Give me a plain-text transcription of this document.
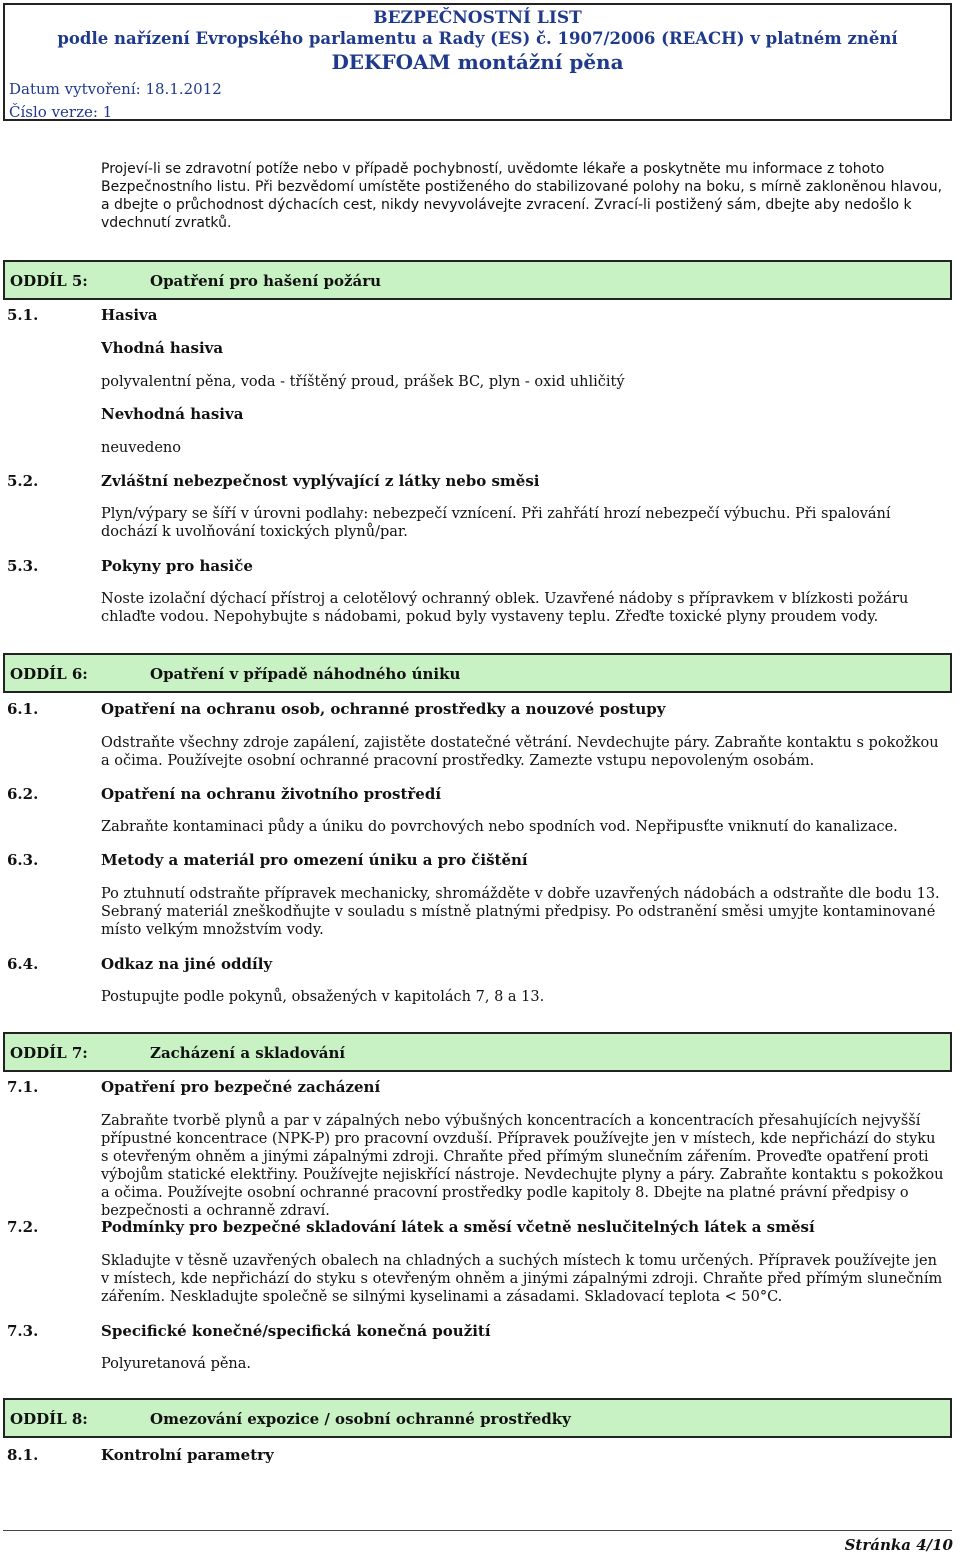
BEZPEČNOSTNÍ LIST
podle nařízení Evropského parlamentu a Rady (ES) č. 1907/2006 (REACH) v platném znění
DEKFOAM montážní pěna
Datum vytvoření: 18.1.2012
Číslo verze: 1

Projeví-li se zdravotní potíže nebo v případě pochybností, uvědomte lékaře a poskytněte mu informace z tohoto Bezpečnostního listu. Při bezvědomí umístěte postiženého do stabilizované polohy na boku, s mírně zakloněnou hlavou, a dbejte o průchodnost dýchacích cest, nikdy nevyvolávejte zvracení. Zvrací-li postižený sám, dbejte aby nedošlo k vdechnutí zvratků.

ODDÍL 5:	Opatření pro hašení požáru
5.1.	Hasiva
Vhodná hasiva

polyvalentní pěna, voda - tříštěný proud, prášek BC, plyn - oxid uhličitý

Nevhodná hasiva

neuvedeno

5.2.	Zvláštní nebezpečnost vyplývající z látky nebo směsi

Plyn/výpary se šíří v úrovni podlahy: nebezpečí vznícení. Při zahřátí hrozí nebezpečí výbuchu. Při spalování dochází k uvolňování toxických plynů/par.

5.3.	Pokyny pro hasiče

Noste izolační dýchací přístroj a celotělový ochranný oblek. Uzavřené nádoby s přípravkem v blízkosti požáru chlaďte vodou. Nepohybujte s nádobami, pokud byly vystaveny teplu. Zřeďte toxické plyny proudem vody.

ODDÍL 6:	Opatření v případě náhodného úniku
6.1.	Opatření na ochranu osob, ochranné prostředky a nouzové postupy

Odstraňte všechny zdroje zapálení, zajistěte dostatečné větrání. Nevdechujte páry. Zabraňte kontaktu s pokožkou a očima. Používejte osobní ochranné pracovní prostředky. Zamezte vstupu nepovoleným osobám.

6.2.	Opatření na ochranu životního prostředí

Zabraňte kontaminaci půdy a úniku do povrchových nebo spodních vod. Nepřipusťte vniknutí do kanalizace.

6.3.	Metody a materiál pro omezení úniku a pro čištění

Po ztuhnutí odstraňte přípravek mechanicky, shromážděte v dobře uzavřených nádobách a odstraňte dle bodu 13. Sebraný materiál zneškodňujte v souladu s místně platnými předpisy. Po odstranění směsi umyjte kontaminované místo velkým množstvím vody.

6.4.	Odkaz na jiné oddíly

Postupujte podle pokynů, obsažených v kapitolách 7, 8 a 13.

ODDÍL 7:	Zacházení a skladování
7.1.	Opatření pro bezpečné zacházení

Zabraňte tvorbě plynů a par v zápalných nebo výbušných koncentracích a koncentracích přesahujících nejvyšší přípustné koncentrace (NPK-P) pro pracovní ovzduší. Přípravek používejte jen v místech, kde nepřichází do styku s otevřeným ohněm a jinými zápalnými zdroji. Chraňte před přímým slunečním zářením. Proveďte opatření proti výbojům statické elektřiny. Používejte nejiskřící nástroje. Nevdechujte plyny a páry. Zabraňte kontaktu s pokožkou a očima. Používejte osobní ochranné pracovní prostředky podle kapitoly 8. Dbejte na platné právní předpisy o bezpečnosti a ochranně zdraví.

7.2.	Podmínky pro bezpečné skladování látek a směsí včetně neslučitelných látek a směsí

Skladujte v těsně uzavřených obalech na chladných a suchých místech k tomu určených. Přípravek používejte jen v místech, kde nepřichází do styku s otevřeným ohněm a jinými zápalnými zdroji. Chraňte před přímým slunečním zářením. Neskladujte společně se silnými kyselinami a zásadami. Skladovací teplota < 50°C.

7.3.	Specifické konečné/specifická konečná použití

Polyuretanová pěna.

ODDÍL 8:	Omezování expozice / osobní ochranné prostředky
8.1.	Kontrolní parametry
Stránka 4/10
